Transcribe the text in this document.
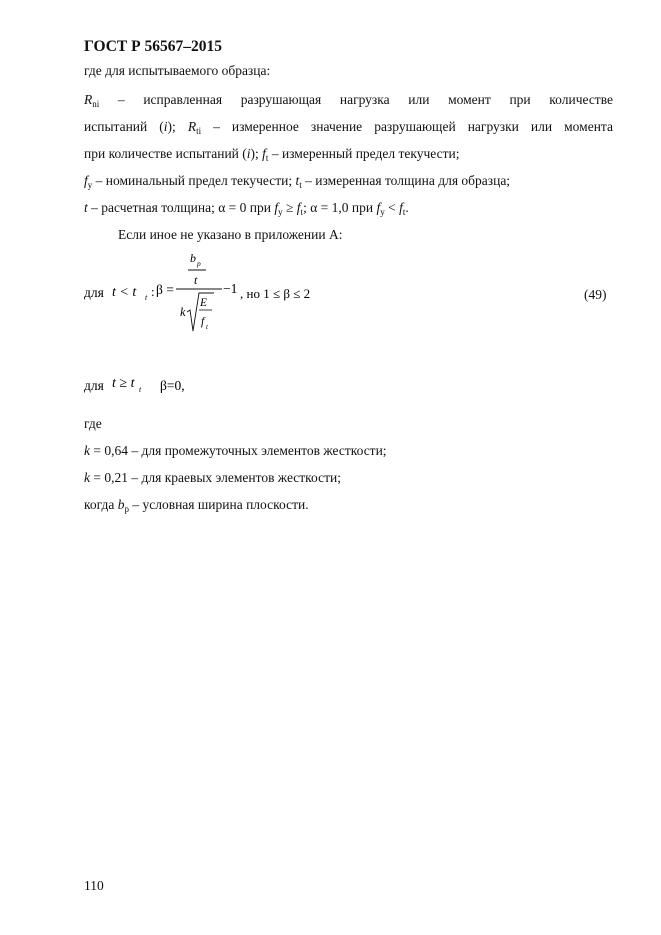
ГОСТ Р 56567–2015
где для испытываемого образца:
$R_{ni}$ – исправленная разрушающая нагрузка или момент при количестве
испытаний (i); $R_{ti}$ – измеренное значение разрушающей нагрузки или момента
при количестве испытаний (i); $f_t$ – измеренный предел текучести;
$f_y$ – номинальный предел текучести; $t_t$ – измеренная толщина для образца;
t – расчетная толщина; α = 0 при $f_y \ge f_t$; α = 1,0 при $f_y < f_t$.
Если иное не указано в приложении А:
для t < t t : β =
b p
t
k
E
f t
−1 , но 1 ≤ β ≤ 2	(49)
для t ≥ t t β=0,
где
k = 0,64 – для промежуточных элементов жесткости;
k = 0,21 – для краевых элементов жесткости;
когда $b_p$ – условная ширина плоскости.
110
